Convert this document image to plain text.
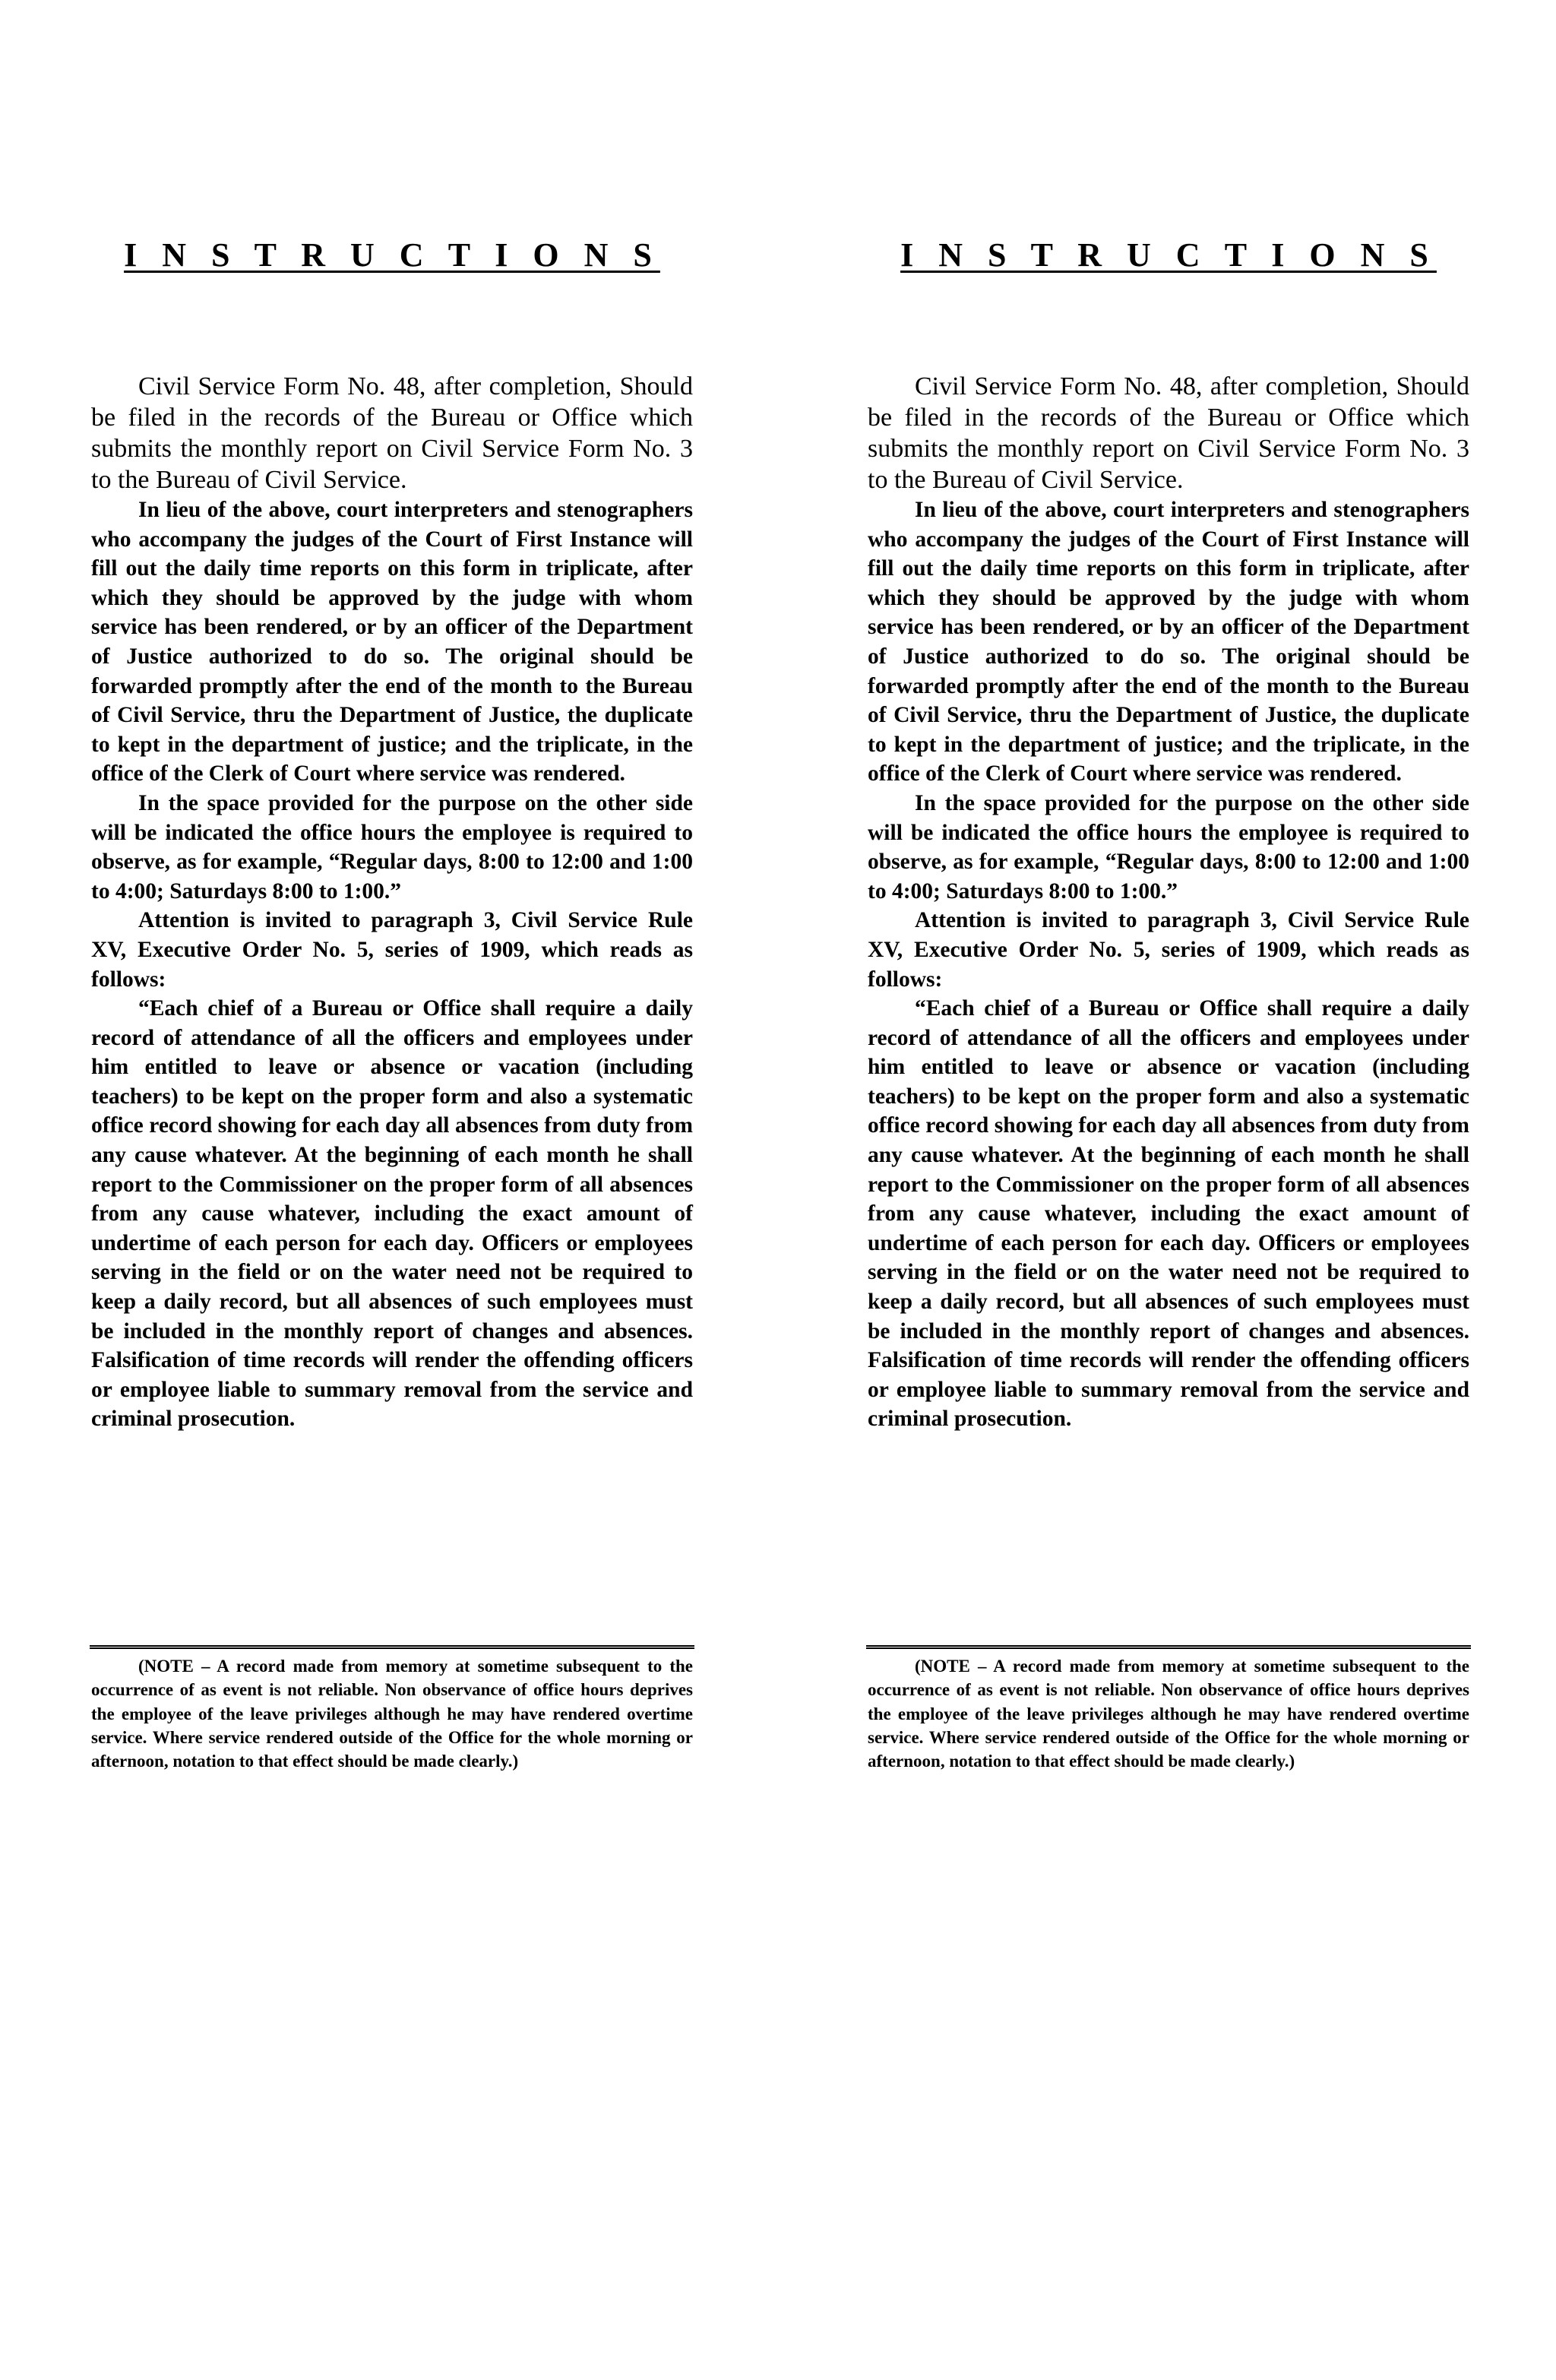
I N S T R U C T I O N S

Civil Service Form No. 48, after completion, Should be filed in the records of the Bureau or Office which submits the monthly report on Civil Service Form No. 3 to the Bureau of Civil Service.

In lieu of the above, court interpreters and stenographers who accompany the judges of the Court of First Instance will fill out the daily time reports on this form in triplicate, after which they should be approved by the judge with whom service has been rendered, or by an officer of the Department of Justice authorized to do so. The original should be forwarded promptly after the end of the month to the Bureau of Civil Service, thru the Department of Justice, the duplicate to kept in the department of justice; and the triplicate, in the office of the Clerk of Court where service was rendered.

In the space provided for the purpose on the other side will be indicated the office hours the employee is required to observe, as for example, “Regular days, 8:00 to 12:00 and 1:00 to 4:00; Saturdays 8:00 to 1:00.”

Attention is invited to paragraph 3, Civil Service Rule XV, Executive Order No. 5, series of 1909, which reads as follows:

“Each chief of a Bureau or Office shall require a daily record of attendance of all the officers and employees under him entitled to leave or absence or vacation (including teachers) to be kept on the proper form and also a systematic office record showing for each day all absences from duty from any cause whatever. At the beginning of each month he shall report to the Commissioner on the proper form of all absences from any cause whatever, including the exact amount of undertime of each person for each day. Officers or employees serving in the field or on the water need not be required to keep a daily record, but all absences of such employees must be included in the monthly report of changes and absences. Falsification of time records will render the offending officers or employee liable to summary removal from the service and criminal prosecution.

(NOTE – A record made from memory at sometime subsequent to the occurrence of as event is not reliable. Non observance of office hours deprives the employee of the leave privileges although he may have rendered overtime service. Where service rendered outside of the Office for the whole morning or afternoon, notation to that effect should be made clearly.)

I N S T R U C T I O N S

Civil Service Form No. 48, after completion, Should be filed in the records of the Bureau or Office which submits the monthly report on Civil Service Form No. 3 to the Bureau of Civil Service.

In lieu of the above, court interpreters and stenographers who accompany the judges of the Court of First Instance will fill out the daily time reports on this form in triplicate, after which they should be approved by the judge with whom service has been rendered, or by an officer of the Department of Justice authorized to do so. The original should be forwarded promptly after the end of the month to the Bureau of Civil Service, thru the Department of Justice, the duplicate to kept in the department of justice; and the triplicate, in the office of the Clerk of Court where service was rendered.

In the space provided for the purpose on the other side will be indicated the office hours the employee is required to observe, as for example, “Regular days, 8:00 to 12:00 and 1:00 to 4:00; Saturdays 8:00 to 1:00.”

Attention is invited to paragraph 3, Civil Service Rule XV, Executive Order No. 5, series of 1909, which reads as follows:

“Each chief of a Bureau or Office shall require a daily record of attendance of all the officers and employees under him entitled to leave or absence or vacation (including teachers) to be kept on the proper form and also a systematic office record showing for each day all absences from duty from any cause whatever. At the beginning of each month he shall report to the Commissioner on the proper form of all absences from any cause whatever, including the exact amount of undertime of each person for each day. Officers or employees serving in the field or on the water need not be required to keep a daily record, but all absences of such employees must be included in the monthly report of changes and absences. Falsification of time records will render the offending officers or employee liable to summary removal from the service and criminal prosecution.

(NOTE – A record made from memory at sometime subsequent to the occurrence of as event is not reliable. Non observance of office hours deprives the employee of the leave privileges although he may have rendered overtime service. Where service rendered outside of the Office for the whole morning or afternoon, notation to that effect should be made clearly.)
